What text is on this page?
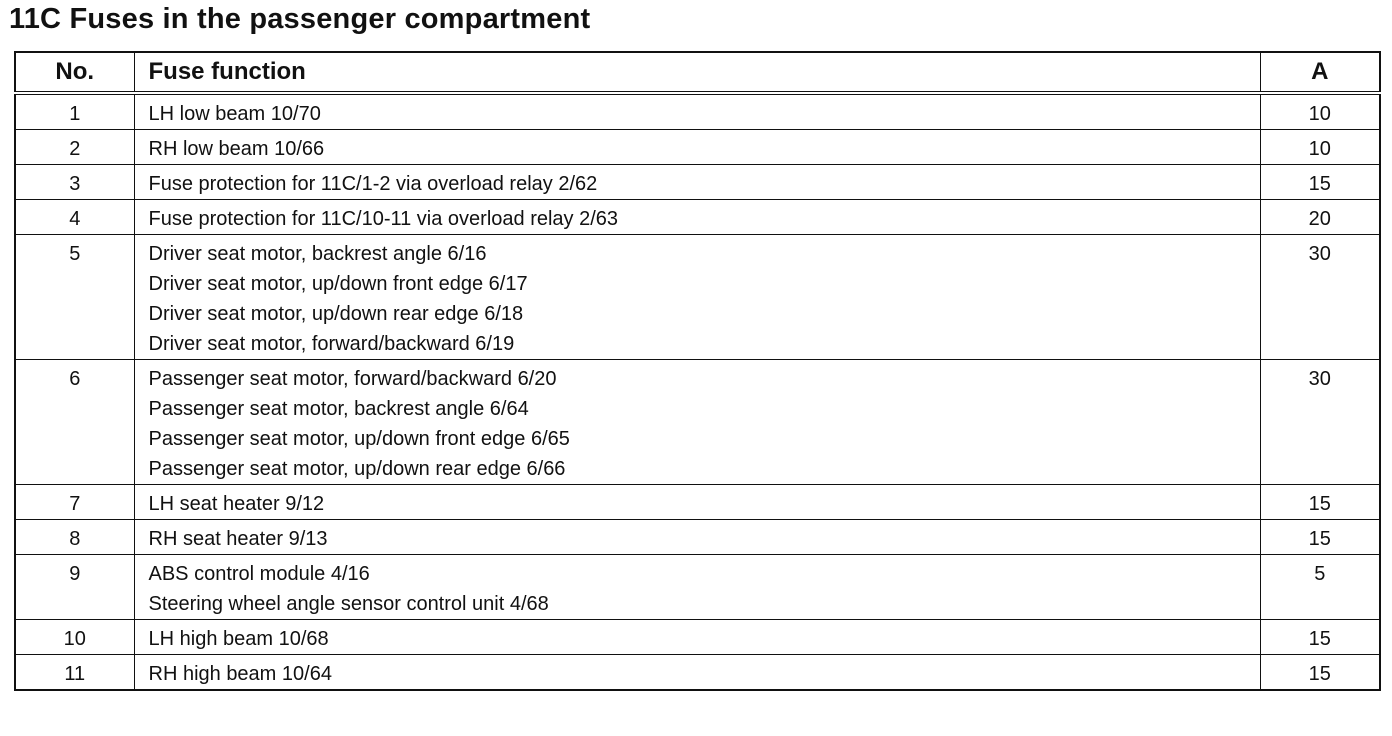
11C Fuses in the passenger compartment
No.	Fuse function	A
1	LH low beam 10/70	10
2	RH low beam 10/66	10
3	Fuse protection for 11C/1-2 via overload relay 2/62	15
4	Fuse protection for 11C/10-11 via overload relay 2/63	20
5	Driver seat motor, backrest angle 6/16
Driver seat motor, up/down front edge 6/17
Driver seat motor, up/down rear edge 6/18
Driver seat motor, forward/backward 6/19	30
6	Passenger seat motor, forward/backward 6/20
Passenger seat motor, backrest angle 6/64
Passenger seat motor, up/down front edge 6/65
Passenger seat motor, up/down rear edge 6/66	30
7	LH seat heater 9/12	15
8	RH seat heater 9/13	15
9	ABS control module 4/16
Steering wheel angle sensor control unit 4/68	5
10	LH high beam 10/68	15
11	RH high beam 10/64	15
